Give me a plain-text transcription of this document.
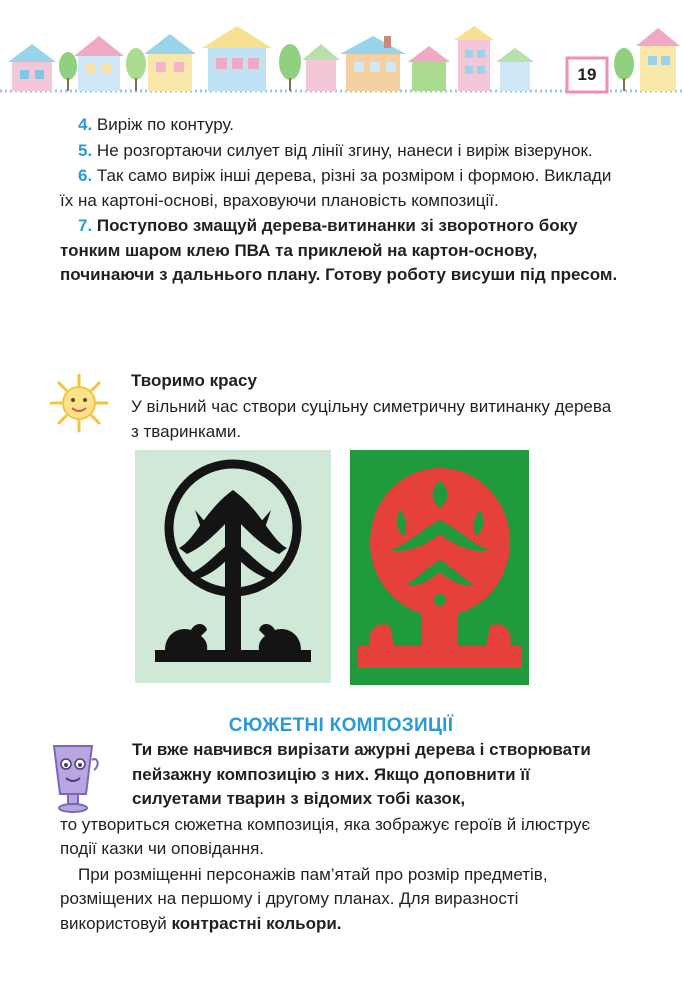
19

4. Виріж по контуру.

5. Не розгортаючи силует від лінії згину, нанеси і виріж візерунок.

6. Так само виріж інші дерева, різні за розміром і формою. Виклади їх на картоні-основі, враховуючи плановість композиції.

7. Поступово змащуй дерева-витинанки зі зворотного боку тонким шаром клею ПВА та приклеюй на картон-основу, починаючи з дальнього плану. Готову роботу висуши під пресом.

Творимо красу
У вільний час створи суцільну симетричну витинанку дерева з тваринками.
СЮЖЕТНІ КОМПОЗИЦІЇ

Ти вже навчився вирізати ажурні дерева і створювати пейзажну композицію з них. Якщо доповнити її силуетами тварин з відомих тобі казок,

то утвориться сюжетна композиція, яка зображує героїв й ілюструє події казки чи оповідання.

При розміщенні персонажів пам’ятай про розмір предметів, розміщених на першому і другому планах. Для виразності використовуй контрастні кольори.
